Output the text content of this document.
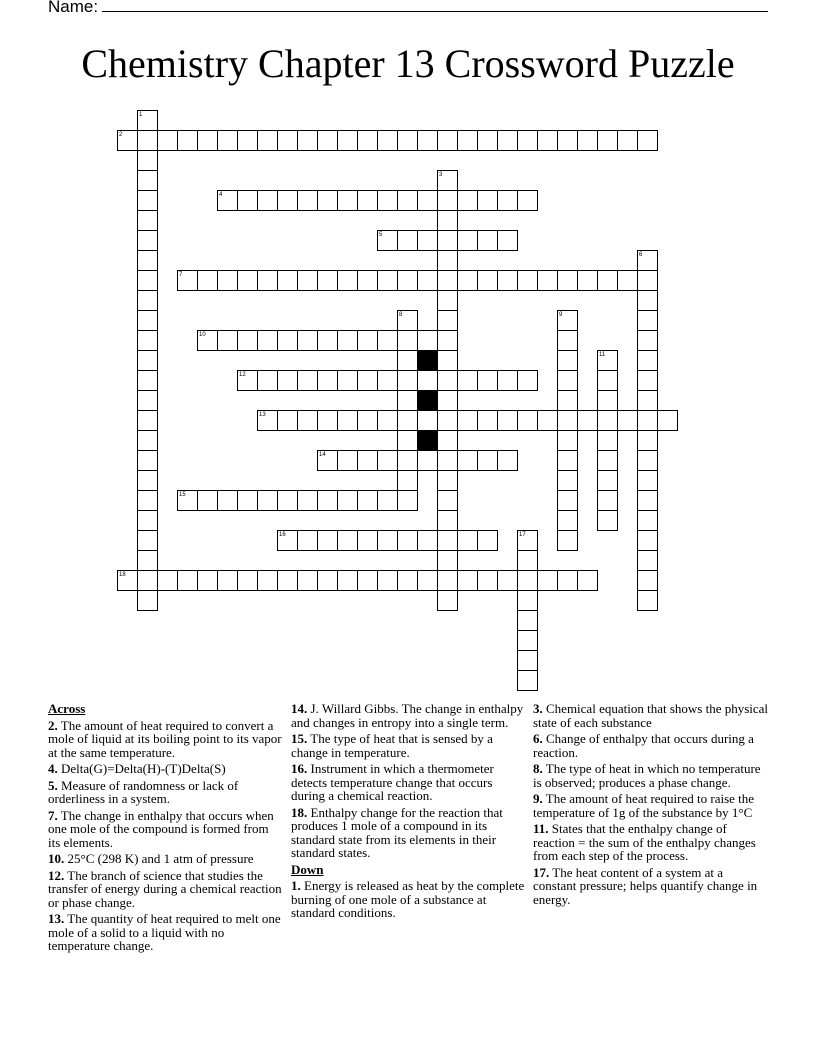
Name:
Chemistry Chapter 13 Crossword Puzzle
2
4
5
7
10
12
13
14
15
16
18
1
3
6
8	9
11
17
Across
2. The amount of heat required to convert a mole of liquid at its boiling point to its vapor at the same temperature.
4. Delta(G)=Delta(H)-(T)Delta(S)
5. Measure of randomness or lack of orderliness in a system.
7. The change in enthalpy that occurs when one mole of the compound is formed from its elements.
10. 25°C (298 K) and 1 atm of pressure
12. The branch of science that studies the transfer of energy during a chemical reaction or phase change.
13. The quantity of heat required to melt one mole of a solid to a liquid with no temperature change.
14. J. Willard Gibbs. The change in enthalpy and changes in entropy into a single term.
15. The type of heat that is sensed by a change in temperature.
16. Instrument in which a thermometer detects temperature change that occurs during a chemical reaction.
18. Enthalpy change for the reaction that produces 1 mole of a compound in its standard state from its elements in their standard states.
Down
1. Energy is released as heat by the complete burning of one mole of a substance at standard conditions.
3. Chemical equation that shows the physical state of each substance
6. Change of enthalpy that occurs during a reaction.
8. The type of heat in which no temperature is observed; produces a phase change.
9. The amount of heat required to raise the temperature of 1g of the substance by 1°C
11. States that the enthalpy change of reaction = the sum of the enthalpy changes from each step of the process.
17. The heat content of a system at a constant pressure; helps quantify change in energy.
